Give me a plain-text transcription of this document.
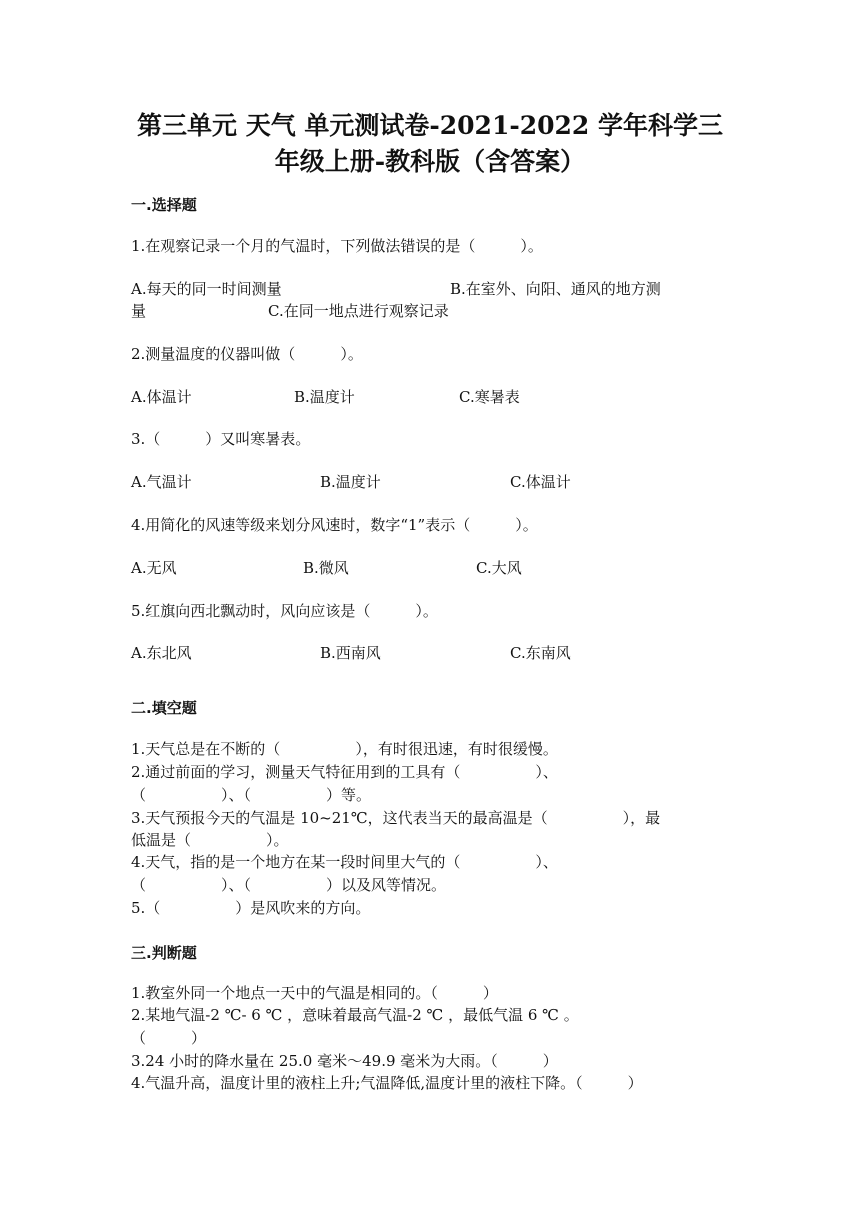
第三单元 天气 单元测试卷-2021-2022 学年科学三
年级上册-教科版（含答案）
一.选择题
1.在观察记录一个月的气温时，下列做法错误的是（　　　）。
A.每天的同一时间测量	B.在室外、向阳、通风的地方测
量	C.在同一地点进行观察记录
2.测量温度的仪器叫做（　　　）。
A.体温计	B.温度计	C.寒暑表
3.（　　　）又叫寒暑表。
A.气温计	B.温度计	C.体温计
4.用简化的风速等级来划分风速时，数字“1”表示（　　　）。
A.无风	B.微风	C.大风
5.红旗向西北飘动时，风向应该是（　　　）。
A.东北风	B.西南风	C.东南风
二.填空题
1.天气总是在不断的（　　　　　），有时很迅速，有时很缓慢。
2.通过前面的学习，测量天气特征用到的工具有（　　　　　）、
（　　　　　）、（　　　　　）等。
3.天气预报今天的气温是 10~21℃，这代表当天的最高温是（　　　　　），最
低温是（　　　　　）。
4.天气，指的是一个地方在某一段时间里大气的（　　　　　）、
（　　　　　）、（　　　　　）以及风等情况。
5.（　　　　　）是风吹来的方向。
三.判断题
1.教室外同一个地点一天中的气温是相同的。（　　　）
2.某地气温-2 ℃- 6 ℃ ，意味着最高气温-2 ℃ ，最低气温 6 ℃ 。
（　　　）
3.24 小时的降水量在 25.0 毫米～49.9 毫米为大雨。（　　　）
4.气温升高，温度计里的液柱上升;气温降低,温度计里的液柱下降。（　　　）
